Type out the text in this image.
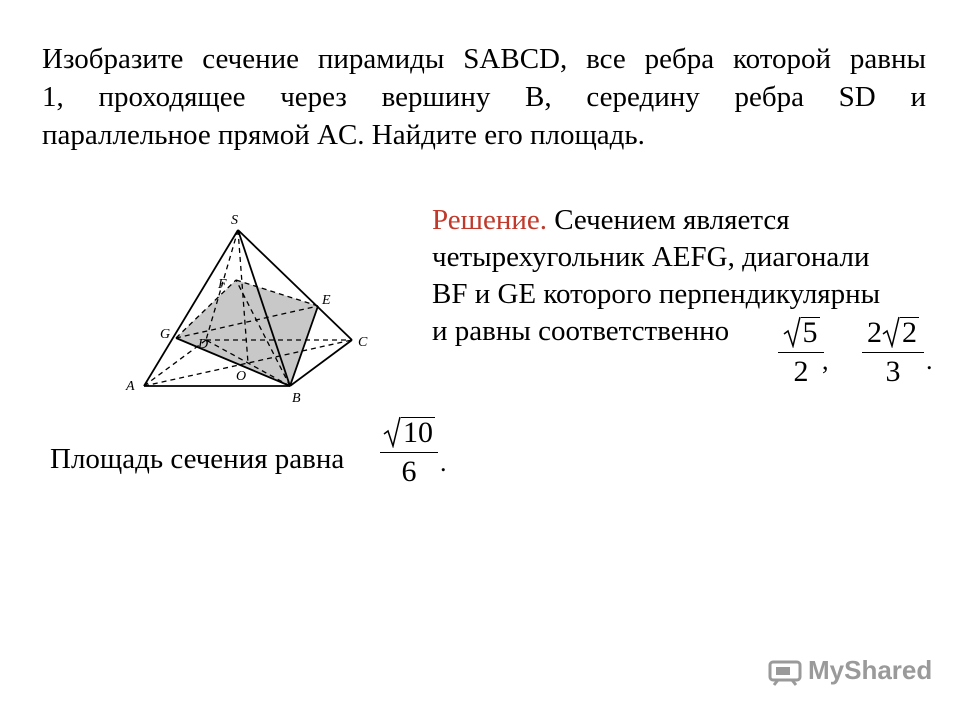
Изобразите сечение пирамиды SABCD, все ребра которой равны
1, проходящее через вершину B, середину ребра SD и
параллельное прямой AC. Найдите его площадь.
S
A
B
C
D
E
F
G
O
Решение. Сечением является
четырехугольник AEFG, диагонали
BF и GE которого перпендикулярны
и равны соответственно	5
2 ,
2 2
3 .
Площадь сечения равна
10
6 .
MyShared
